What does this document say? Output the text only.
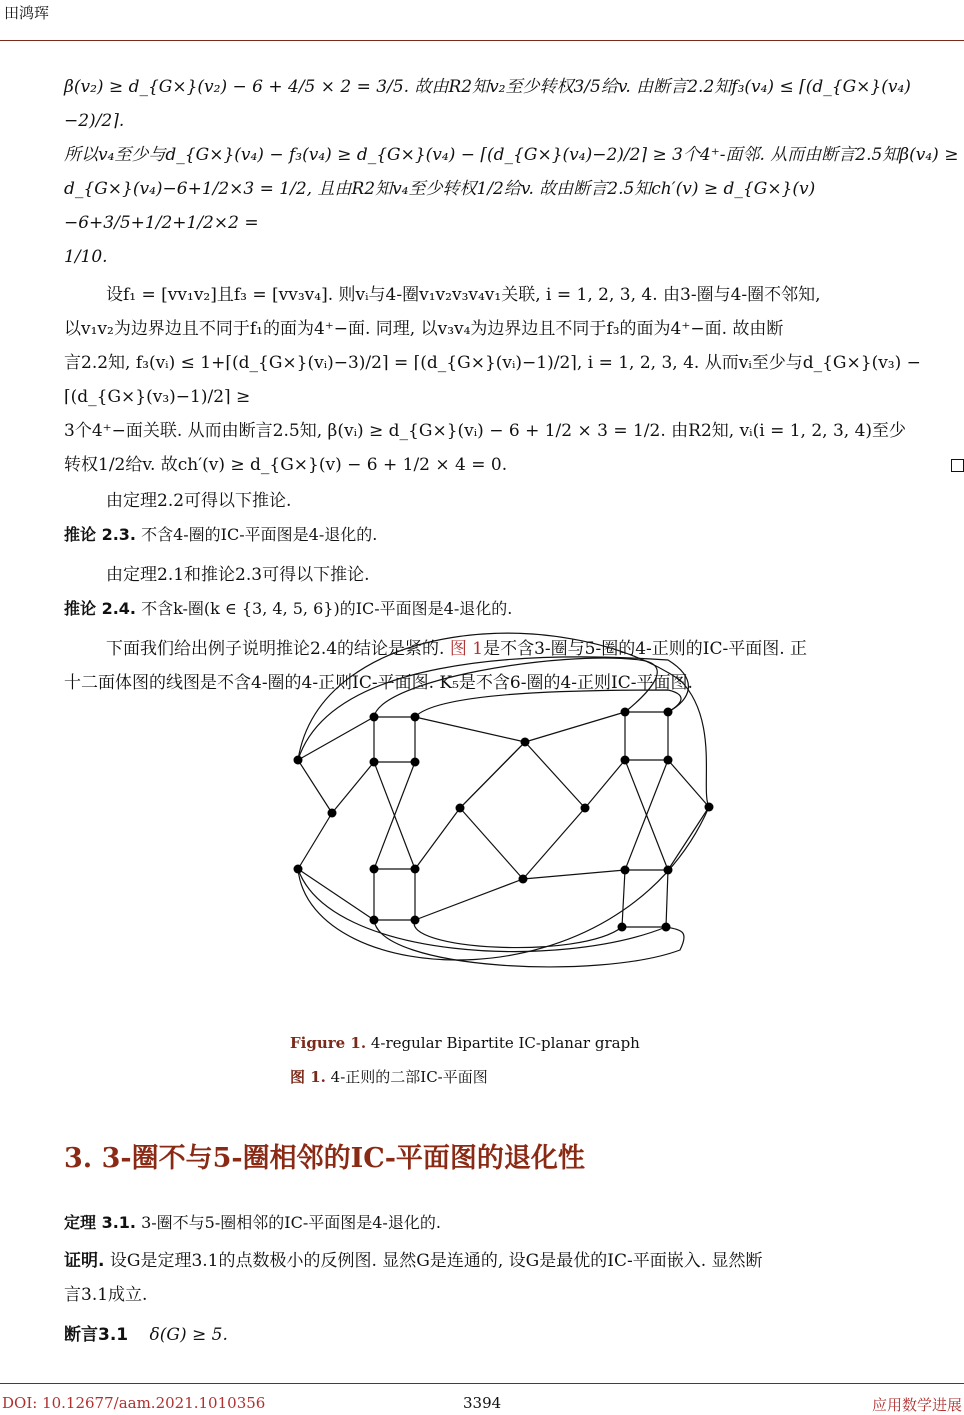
田鸿珲

β(v₂) ≥ d_{G×}(v₂) − 6 + 4/5 × 2 = 3/5. 故由R2知v₂至少转权3/5给v. 由断言2.2知f₃(v₄) ≤ ⌈(d_{G×}(v₄)−2)/2⌉.

所以v₄至少与d_{G×}(v₄) − f₃(v₄) ≥ d_{G×}(v₄) − ⌈(d_{G×}(v₄)−2)/2⌉ ≥ 3个4⁺-面邻. 从而由断言2.5知β(v₄) ≥

d_{G×}(v₄)−6+1/2×3 = 1/2, 且由R2知v₄至少转权1/2给v. 故由断言2.5知ch′(v) ≥ d_{G×}(v)−6+3/5+1/2+1/2×2 =

1/10.

设f₁ = [vv₁v₂]且f₃ = [vv₃v₄]. 则vᵢ与4-圈v₁v₂v₃v₄v₁关联, i = 1, 2, 3, 4. 由3-圈与4-圈不邻知,

以v₁v₂为边界边且不同于f₁的面为4⁺−面. 同理, 以v₃v₄为边界边且不同于f₃的面为4⁺−面. 故由断

言2.2知, f₃(vᵢ) ≤ 1+⌈(d_{G×}(vᵢ)−3)/2⌉ = ⌈(d_{G×}(vᵢ)−1)/2⌉, i = 1, 2, 3, 4. 从而vᵢ至少与d_{G×}(v₃) − ⌈(d_{G×}(v₃)−1)/2⌉ ≥

3个4⁺−面关联. 从而由断言2.5知, β(vᵢ) ≥ d_{G×}(vᵢ) − 6 + 1/2 × 3 = 1/2. 由R2知, vᵢ(i = 1, 2, 3, 4)至少

转权1/2给v. 故ch′(v) ≥ d_{G×}(v) − 6 + 1/2 × 4 = 0.

由定理2.2可得以下推论.

推论 2.3. 不含4-圈的IC-平面图是4-退化的.

由定理2.1和推论2.3可得以下推论.

推论 2.4. 不含k-圈(k ∈ {3, 4, 5, 6})的IC-平面图是4-退化的.

下面我们给出例子说明推论2.4的结论是紧的. 图 1是不含3-圈与5-圈的4-正则的IC-平面图. 正

十二面体图的线图是不含4-圈的4-正则IC-平面图. K₅是不含6-圈的4-正则IC-平面图.

Figure 1. 4-regular Bipartite IC-planar graph
图 1. 4-正则的二部IC-平面图
3. 3-圈不与5-圈相邻的IC-平面图的退化性

定理 3.1. 3-圈不与5-圈相邻的IC-平面图是4-退化的.

证明. 设G是定理3.1的点数极小的反例图. 显然G是连通的, 设G是最优的IC-平面嵌入. 显然断

言3.1成立.

断言3.1 δ(G) ≥ 5.

DOI: 10.12677/aam.2021.1010356	3394	应用数学进展
